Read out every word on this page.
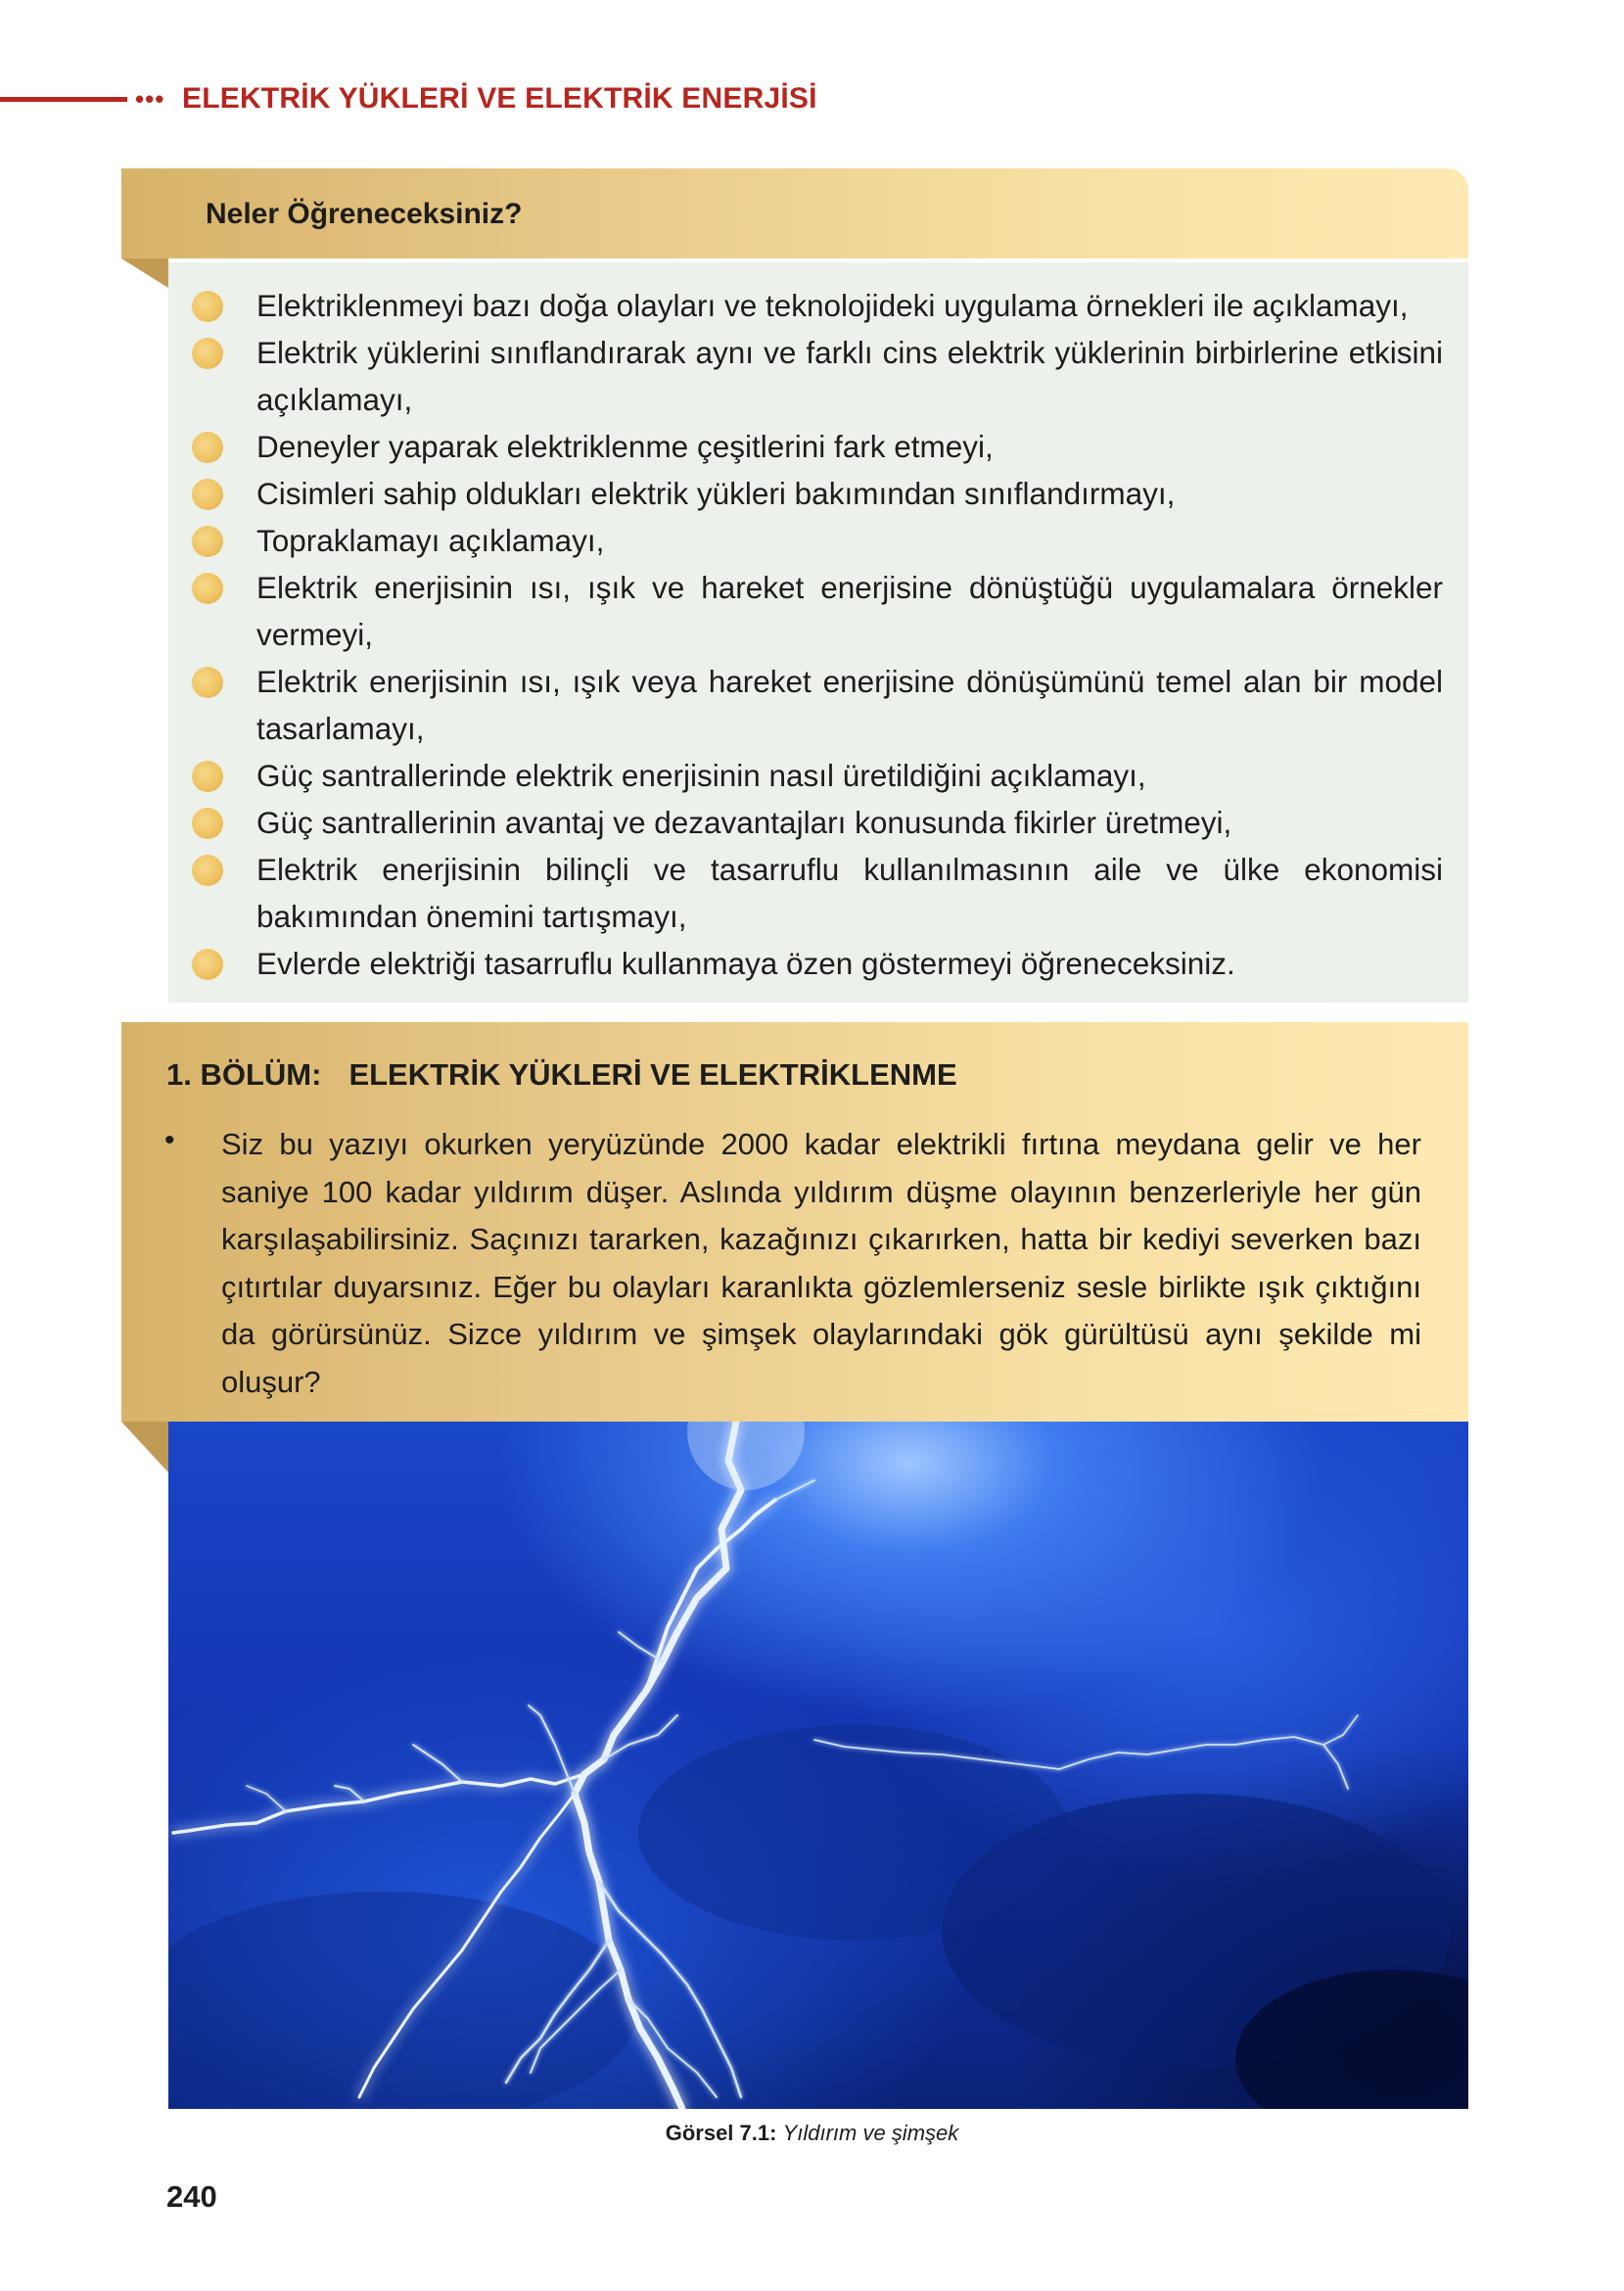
••• ELEKTRİK YÜKLERİ VE ELEKTRİK ENERJİSİ
Neler Öğreneceksiniz?
Elektriklenmeyi bazı doğa olayları ve teknolojideki uygulama örnekleri ile açıklamayı,
Elektrik yüklerini sınıflandırarak aynı ve farklı cins elektrik yüklerinin birbirlerine etkisini açıklamayı,
Deneyler yaparak elektriklenme çeşitlerini fark etmeyi,
Cisimleri sahip oldukları elektrik yükleri bakımından sınıflandırmayı,
Topraklamayı açıklamayı,
Elektrik enerjisinin ısı, ışık ve hareket enerjisine dönüştüğü uygulamalara örnekler vermeyi,
Elektrik enerjisinin ısı, ışık veya hareket enerjisine dönüşümünü temel alan bir model tasarlamayı,
Güç santrallerinde elektrik enerjisinin nasıl üretildiğini açıklamayı,
Güç santrallerinin avantaj ve dezavantajları konusunda fikirler üretmeyi,
Elektrik enerjisinin bilinçli ve tasarruflu kullanılmasının aile ve ülke ekonomisi bakımından önemini tartışmayı,
Evlerde elektriği tasarruflu kullanmaya özen göstermeyi öğreneceksiniz.
1. BÖLÜM: ELEKTRİK YÜKLERİ VE ELEKTRİKLENME
• Siz bu yazıyı okurken yeryüzünde 2000 kadar elektrikli fırtına meydana gelir ve her saniye 100 kadar yıldırım düşer. Aslında yıldırım düşme olayının benzerleriyle her gün karşılaşabilirsiniz. Saçınızı tararken, kazağınızı çıkarırken, hatta bir kediyi severken bazı çıtırtılar duyarsınız. Eğer bu olayları karanlıkta gözlemlerseniz sesle birlikte ışık çıktığını da görürsünüz. Sizce yıldırım ve şimşek olaylarındaki gök gürültüsü aynı şekilde mi oluşur?
Görsel 7.1: Yıldırım ve şimşek
240
